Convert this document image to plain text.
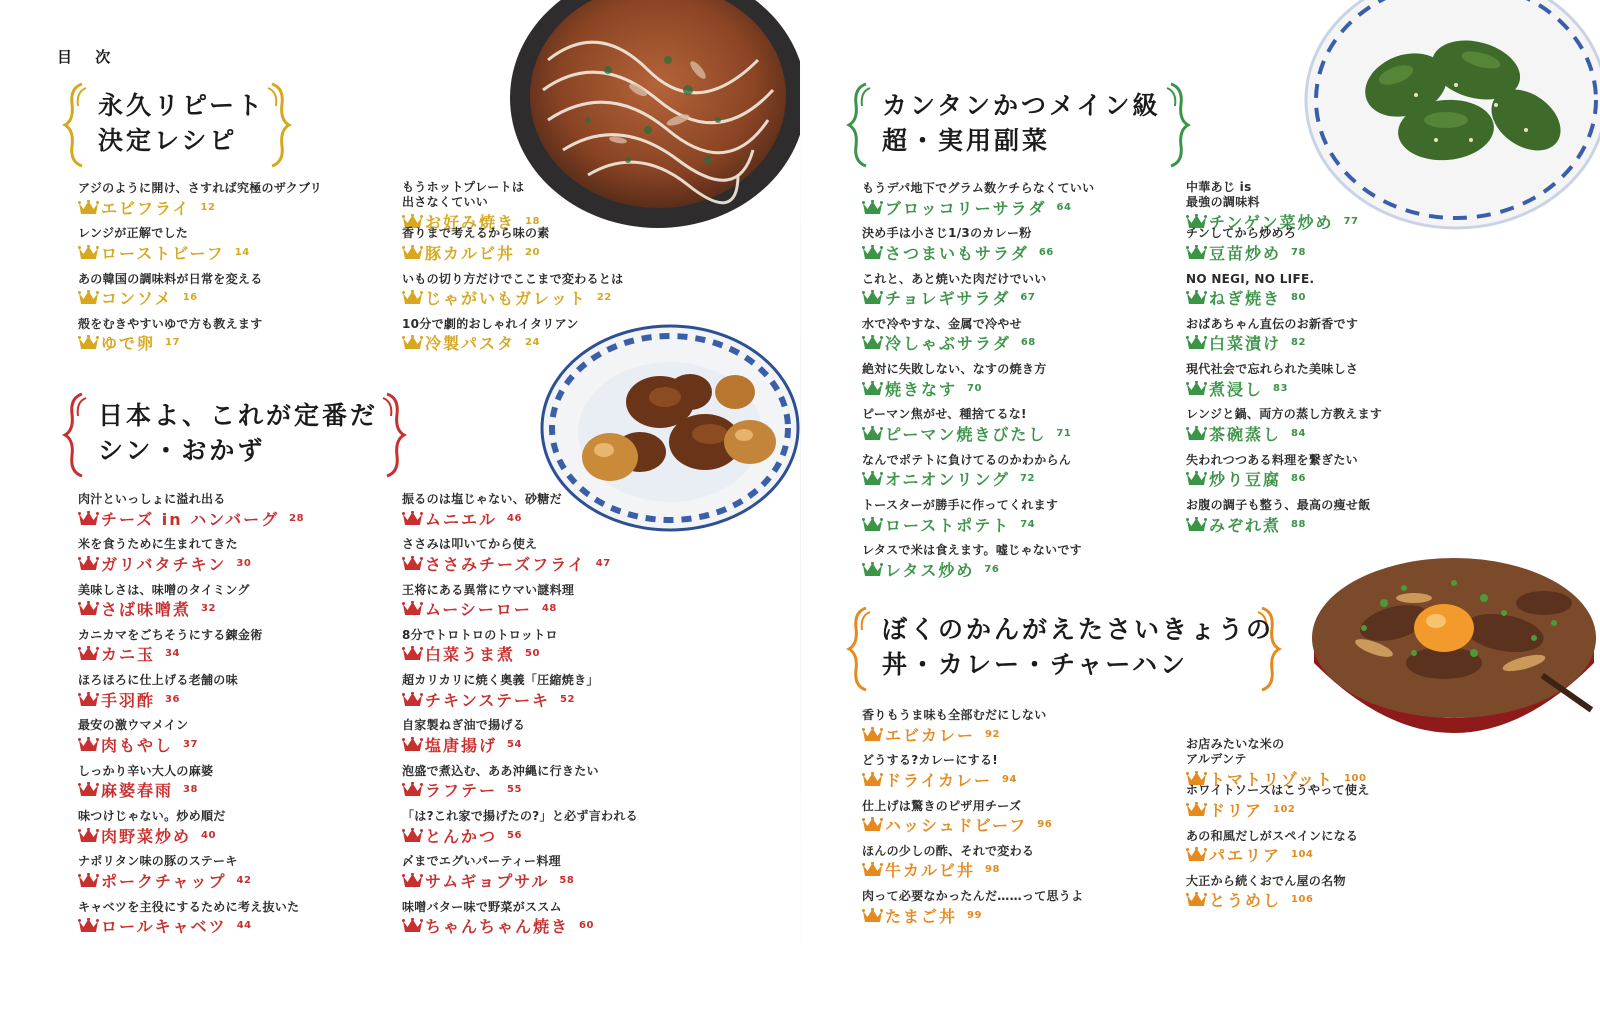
目 次
永久リピート
決定レシピ
日本よ、これが定番だ
シン・おかず
カンタンかつメイン級
超・実用副菜
ぼくのかんがえたさいきょうの
丼・カレー・チャーハン
アジのように開け、さすれば究極のザクブリ
エビフライ 12
レンジが正解でした
ローストビーフ 14
あの韓国の調味料が日常を変える
コンソメ 16
殻をむきやすいゆで方も教えます
ゆで卵 17
もうホットプレートは
出さなくていい
お好み焼き 18
香りまで考えるから味の素
豚カルビ丼 20
いもの切り方だけでここまで変わるとは
じゃがいもガレット 22
10分で劇的おしゃれイタリアン
冷製パスタ 24
肉汁といっしょに溢れ出る
チーズ in ハンバーグ 28
米を食うために生まれてきた
ガリバタチキン 30
美味しさは、味噌のタイミング
さば味噌煮 32
カニカマをごちそうにする錬金術
カニ玉 34
ほろほろに仕上げる老舗の味
手羽酢 36
最安の激ウマメイン
肉もやし 37
しっかり辛い大人の麻婆
麻婆春雨 38
味つけじゃない。炒め順だ
肉野菜炒め 40
ナポリタン味の豚のステーキ
ポークチャップ 42
キャベツを主役にするために考え抜いた
ロールキャベツ 44
振るのは塩じゃない、砂糖だ
ムニエル 46
ささみは叩いてから使え
ささみチーズフライ 47
王将にある異常にウマい謎料理
ムーシーロー 48
8分でトロトロのトロットロ
白菜うま煮 50
超カリカリに焼く奥義「圧縮焼き」
チキンステーキ 52
自家製ねぎ油で揚げる
塩唐揚げ 54
泡盛で煮込む、ああ沖縄に行きたい
ラフテー 55
「は?これ家で揚げたの?」と必ず言われる
とんかつ 56
〆までエグいパーティー料理
サムギョプサル 58
味噌バター味で野菜がススム
ちゃんちゃん焼き 60
もうデパ地下でグラム数ケチらなくていい
ブロッコリーサラダ 64
決め手は小さじ1/3のカレー粉
さつまいもサラダ 66
これと、あと焼いた肉だけでいい
チョレギサラダ 67
水で冷やすな、金属で冷やせ
冷しゃぶサラダ 68
絶対に失敗しない、なすの焼き方
焼きなす 70
ピーマン焦がせ、種捨てるな!
ピーマン焼きびたし 71
なんでポテトに負けてるのかわからん
オニオンリング 72
トースターが勝手に作ってくれます
ローストポテト 74
レタスで米は食えます。嘘じゃないです
レタス炒め 76
中華あじ is
最強の調味料
チンゲン菜炒め 77
チンしてから炒めろ
豆苗炒め 78
NO NEGI, NO LIFE.
ねぎ焼き 80
おばあちゃん直伝のお新香です
白菜漬け 82
現代社会で忘れられた美味しさ
煮浸し 83
レンジと鍋、両方の蒸し方教えます
茶碗蒸し 84
失われつつある料理を繋ぎたい
炒り豆腐 86
お腹の調子も整う、最高の痩せ飯
みぞれ煮 88
香りもうま味も全部むだにしない
エビカレー 92
どうする?カレーにする!
ドライカレー 94
仕上げは驚きのピザ用チーズ
ハッシュドビーフ 96
ほんの少しの酢、それで変わる
牛カルビ丼 98
肉って必要なかったんだ……って思うよ
たまご丼 99
お店みたいな米の
アルデンテ
トマトリゾット 100
ホワイトソースはこうやって使え
ドリア 102
あの和風だしがスペインになる
パエリア 104
大正から続くおでん屋の名物
とうめし 106
